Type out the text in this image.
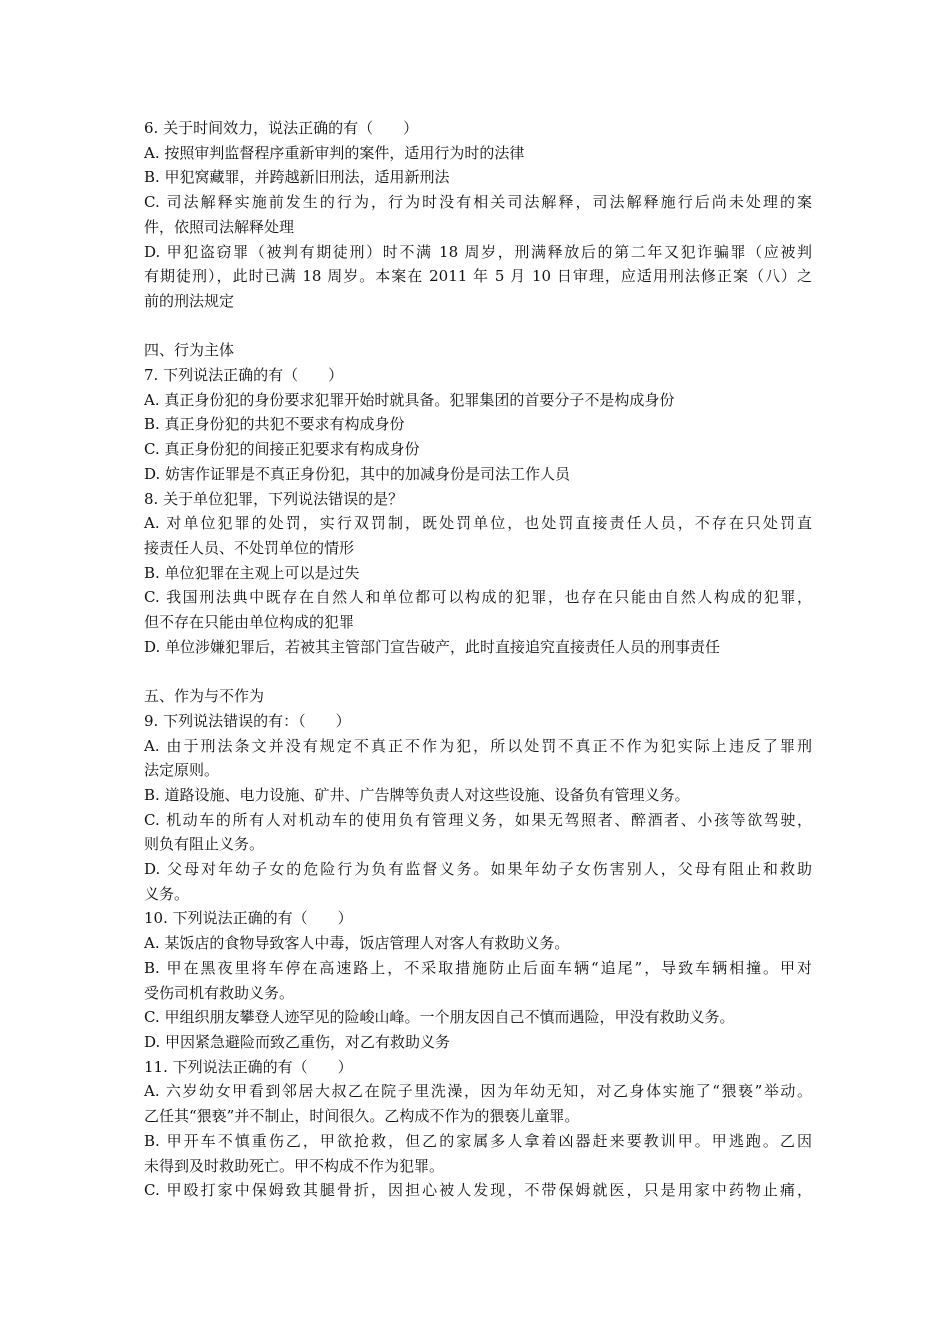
6. 关于时间效力，说法正确的有（　　）
A. 按照审判监督程序重新审判的案件，适用行为时的法律
B. 甲犯窝藏罪，并跨越新旧刑法，适用新刑法
C. 司法解释实施前发生的行为，行为时没有相关司法解释，司法解释施行后尚未处理的案
件，依照司法解释处理
D. 甲犯盗窃罪（被判有期徒刑）时不满 18 周岁，刑满释放后的第二年又犯诈骗罪（应被判
有期徒刑），此时已满 18 周岁。本案在 2011 年 5 月 10 日审理，应适用刑法修正案（八）之
前的刑法规定
四、行为主体
7. 下列说法正确的有（　　）
A. 真正身份犯的身份要求犯罪开始时就具备。犯罪集团的首要分子不是构成身份
B. 真正身份犯的共犯不要求有构成身份
C. 真正身份犯的间接正犯要求有构成身份
D. 妨害作证罪是不真正身份犯，其中的加减身份是司法工作人员
8. 关于单位犯罪，下列说法错误的是？
A. 对单位犯罪的处罚，实行双罚制，既处罚单位，也处罚直接责任人员，不存在只处罚直
接责任人员、不处罚单位的情形
B. 单位犯罪在主观上可以是过失
C. 我国刑法典中既存在自然人和单位都可以构成的犯罪，也存在只能由自然人构成的犯罪，
但不存在只能由单位构成的犯罪
D. 单位涉嫌犯罪后，若被其主管部门宣告破产，此时直接追究直接责任人员的刑事责任
五、作为与不作为
9. 下列说法错误的有：（　　）
A. 由于刑法条文并没有规定不真正不作为犯，所以处罚不真正不作为犯实际上违反了罪刑
法定原则。
B. 道路设施、电力设施、矿井、广告牌等负责人对这些设施、设备负有管理义务。
C. 机动车的所有人对机动车的使用负有管理义务，如果无驾照者、醉酒者、小孩等欲驾驶，
则负有阻止义务。
D. 父母对年幼子女的危险行为负有监督义务。如果年幼子女伤害别人，父母有阻止和救助
义务。
10. 下列说法正确的有（　　）
A. 某饭店的食物导致客人中毒，饭店管理人对客人有救助义务。
B. 甲在黑夜里将车停在高速路上，不采取措施防止后面车辆“追尾”，导致车辆相撞。甲对
受伤司机有救助义务。
C. 甲组织朋友攀登人迹罕见的险峻山峰。一个朋友因自己不慎而遇险，甲没有救助义务。
D. 甲因紧急避险而致乙重伤，对乙有救助义务
11. 下列说法正确的有（　　）
A. 六岁幼女甲看到邻居大叔乙在院子里洗澡，因为年幼无知，对乙身体实施了“猥亵”举动。
乙任其“猥亵”并不制止，时间很久。乙构成不作为的猥亵儿童罪。
B. 甲开车不慎重伤乙，甲欲抢救，但乙的家属多人拿着凶器赶来要教训甲。甲逃跑。乙因
未得到及时救助死亡。甲不构成不作为犯罪。
C. 甲殴打家中保姆致其腿骨折，因担心被人发现，不带保姆就医，只是用家中药物止痛，
